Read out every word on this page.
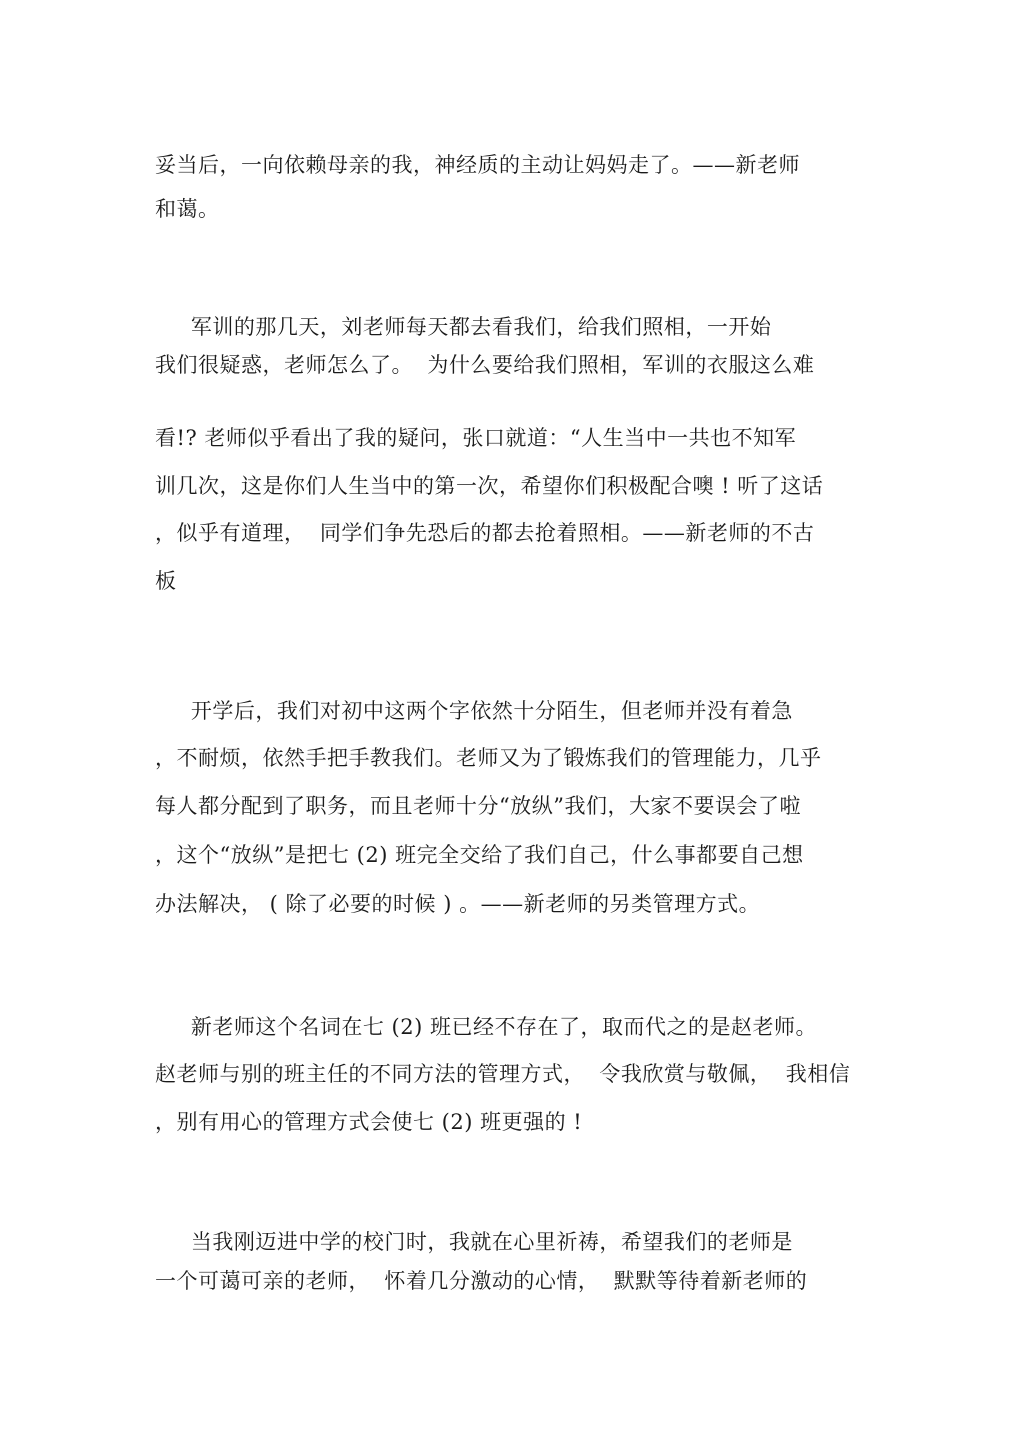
妥当后，一向依赖母亲的我，神经质的主动让妈妈走了。——新老师
和蔼。
军训的那几天，刘老师每天都去看我们，给我们照相，一开始
我们很疑惑，老师怎么了。  为什么要给我们照相，军训的衣服这么难
看!? 老师似乎看出了我的疑问，张口就道：“人生当中一共也不知军
训几次，这是你们人生当中的第一次，希望你们积极配合噢 ! 听了这话
，似乎有道理，  同学们争先恐后的都去抢着照相。——新老师的不古
板
开学后，我们对初中这两个字依然十分陌生，但老师并没有着急
，不耐烦，依然手把手教我们。老师又为了锻炼我们的管理能力，几乎
每人都分配到了职务，而且老师十分“放纵”我们，大家不要误会了啦
，这个“放纵”是把七 (2) 班完全交给了我们自己，什么事都要自己想
办法解决， ( 除了必要的时候 ) 。——新老师的另类管理方式。
新老师这个名词在七 (2) 班已经不存在了，取而代之的是赵老师。
赵老师与别的班主任的不同方法的管理方式，  令我欣赏与敬佩，  我相信
，别有用心的管理方式会使七 (2) 班更强的 !
当我刚迈进中学的校门时，我就在心里祈祷，希望我们的老师是
一个可蔼可亲的老师，  怀着几分激动的心情，  默默等待着新老师的
